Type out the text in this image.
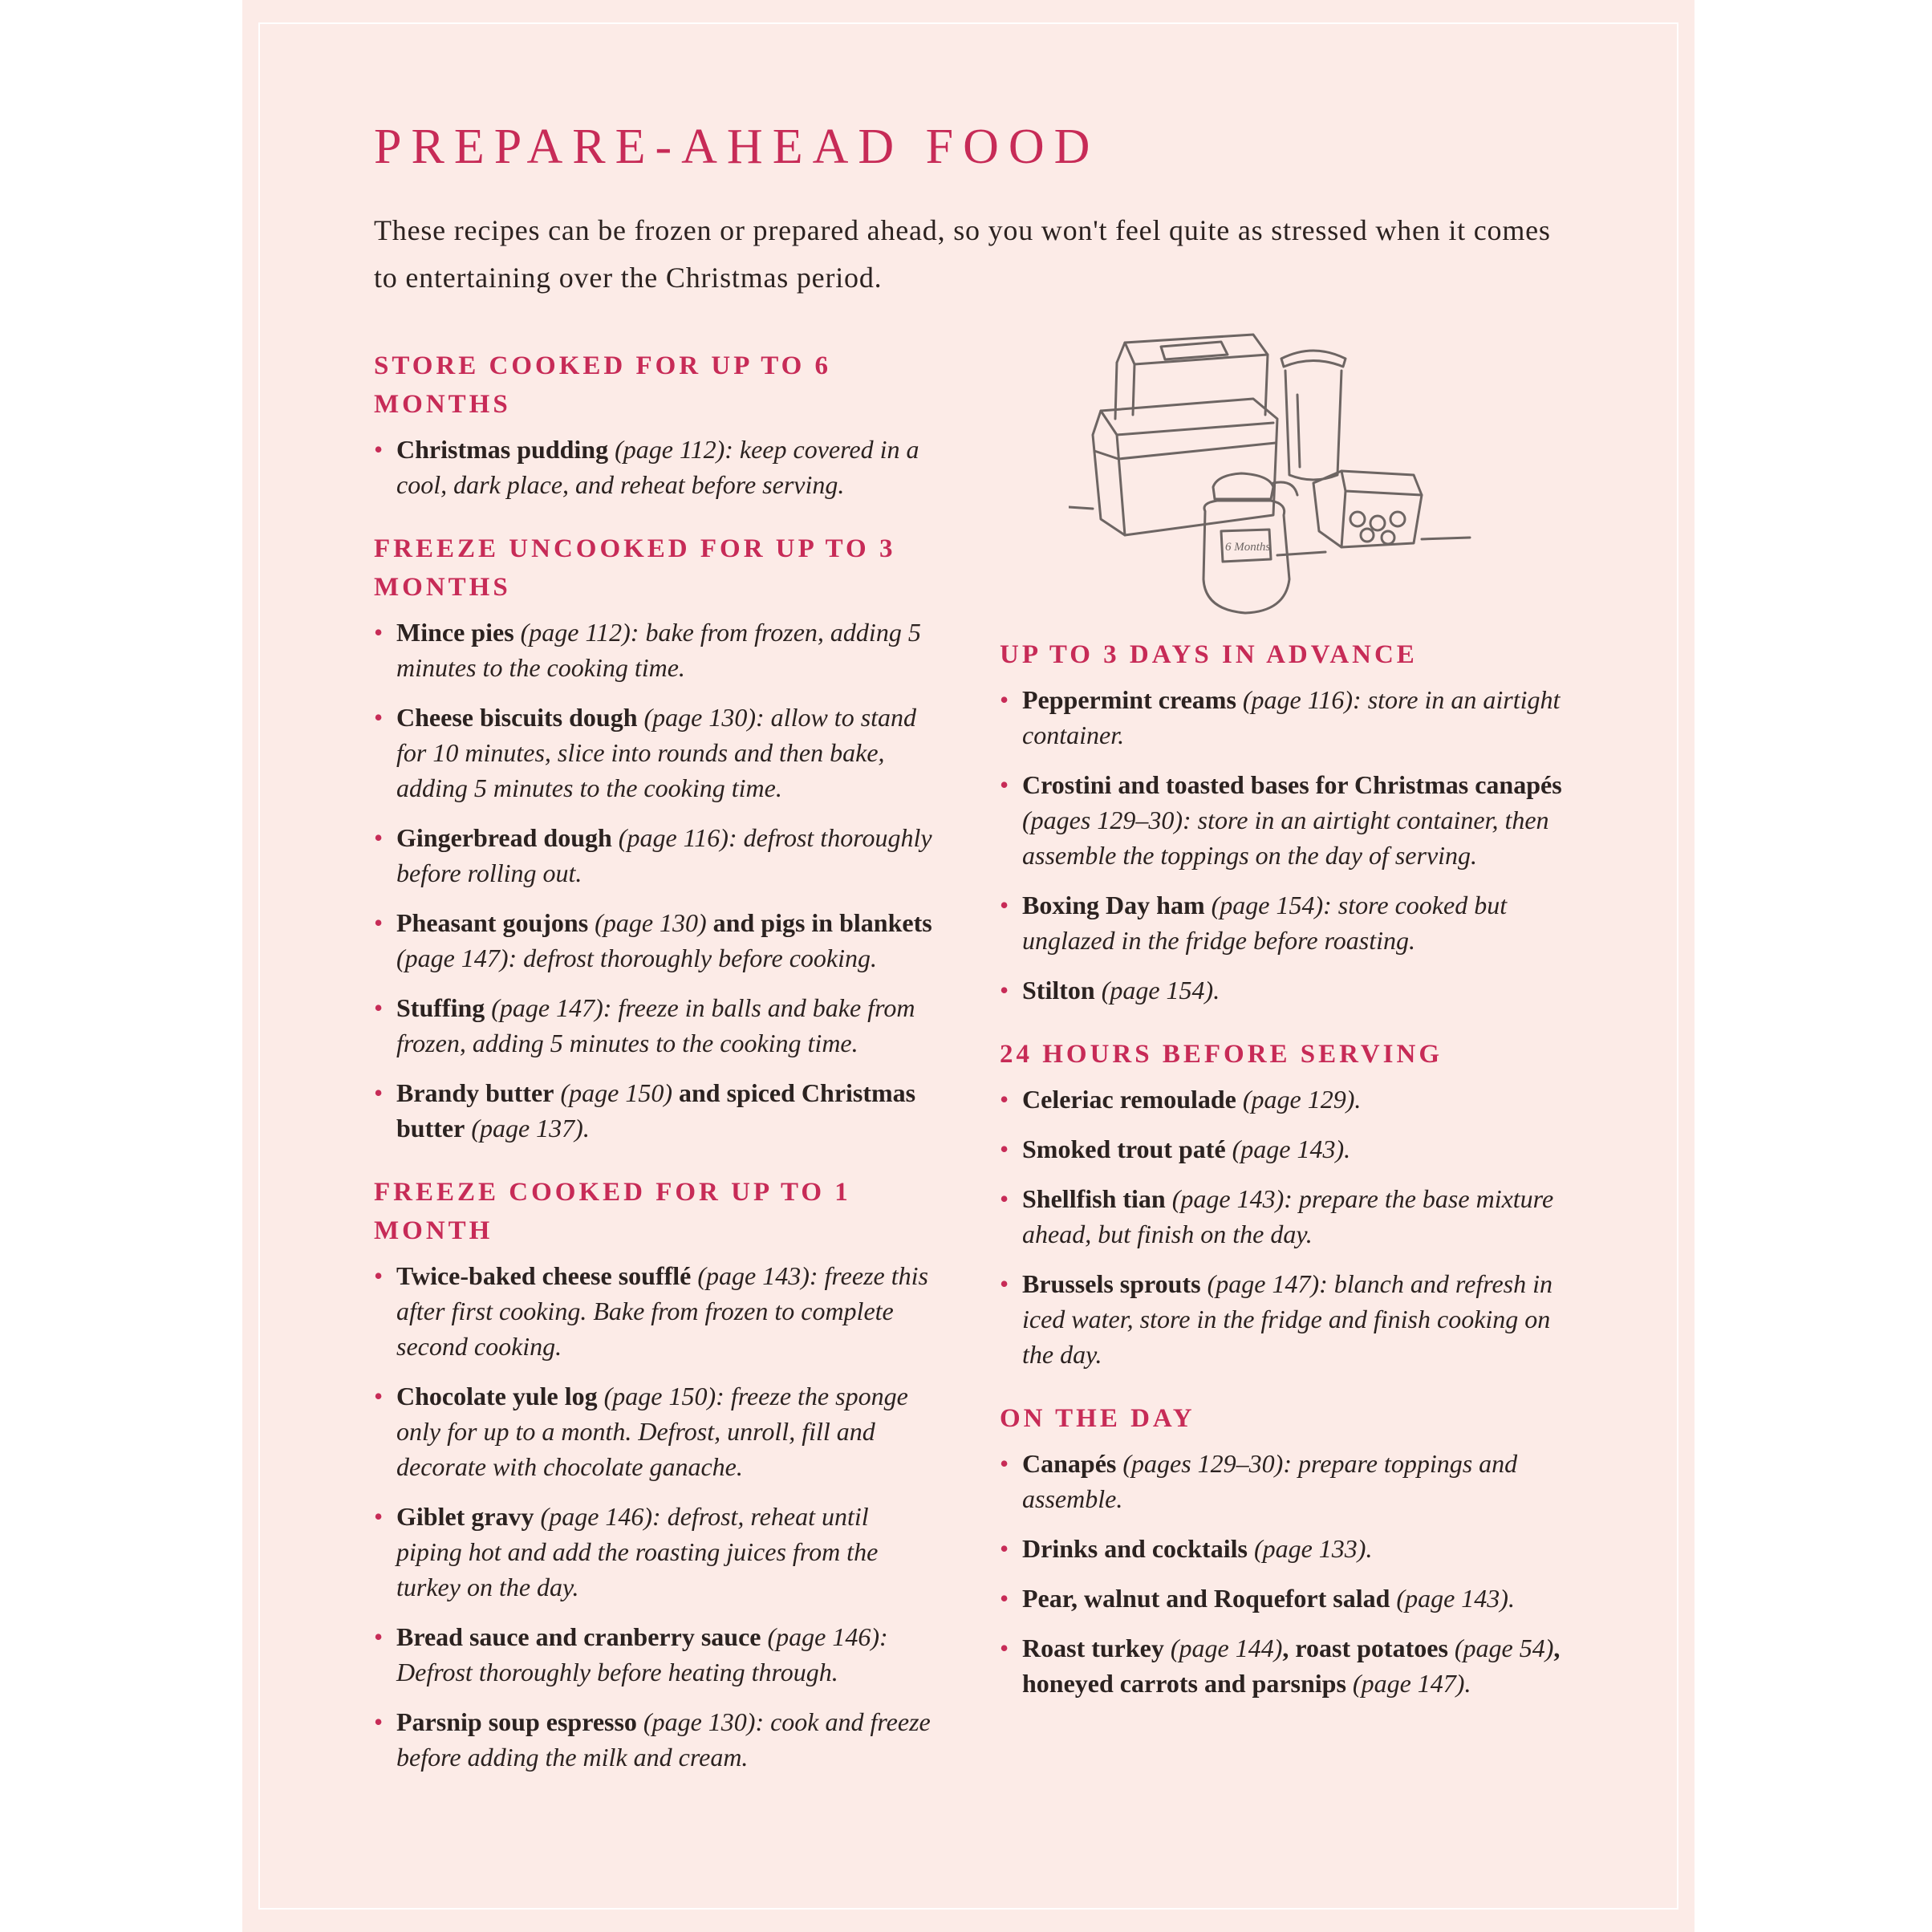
PREPARE-AHEAD FOOD

These recipes can be frozen or prepared ahead, so you won't feel quite as stressed when it comes to entertaining over the Christmas period.

6 Months
STORE COOKED FOR UP TO 6 MONTHS
• Christmas pudding (page 112): keep covered in a cool, dark place, and reheat before serving.
FREEZE UNCOOKED FOR UP TO 3 MONTHS
• Mince pies (page 112): bake from frozen, adding 5 minutes to the cooking time.
• Cheese biscuits dough (page 130): allow to stand for 10 minutes, slice into rounds and then bake, adding 5 minutes to the cooking time.
• Gingerbread dough (page 116): defrost thoroughly before rolling out.
• Pheasant goujons (page 130) and pigs in blankets (page 147): defrost thoroughly before cooking.
• Stuffing (page 147): freeze in balls and bake from frozen, adding 5 minutes to the cooking time.
• Brandy butter (page 150) and spiced Christmas butter (page 137).
FREEZE COOKED FOR UP TO 1 MONTH
• Twice-baked cheese soufflé (page 143): freeze this after first cooking. Bake from frozen to complete second cooking.
• Chocolate yule log (page 150): freeze the sponge only for up to a month. Defrost, unroll, fill and decorate with chocolate ganache.
• Giblet gravy (page 146): defrost, reheat until piping hot and add the roasting juices from the turkey on the day.
• Bread sauce and cranberry sauce (page 146): Defrost thoroughly before heating through.
• Parsnip soup espresso (page 130): cook and freeze before adding the milk and cream.
UP TO 3 DAYS IN ADVANCE
• Peppermint creams (page 116): store in an airtight container.
• Crostini and toasted bases for Christmas canapés (pages 129–30): store in an airtight container, then assemble the toppings on the day of serving.
• Boxing Day ham (page 154): store cooked but unglazed in the fridge before roasting.
• Stilton (page 154).
24 HOURS BEFORE SERVING
• Celeriac remoulade (page 129).
• Smoked trout paté (page 143).
• Shellfish tian (page 143): prepare the base mixture ahead, but finish on the day.
• Brussels sprouts (page 147): blanch and refresh in iced water, store in the fridge and finish cooking on the day.
ON THE DAY
• Canapés (pages 129–30): prepare toppings and assemble.
• Drinks and cocktails (page 133).
• Pear, walnut and Roquefort salad (page 143).
• Roast turkey (page 144), roast potatoes (page 54), honeyed carrots and parsnips (page 147).
